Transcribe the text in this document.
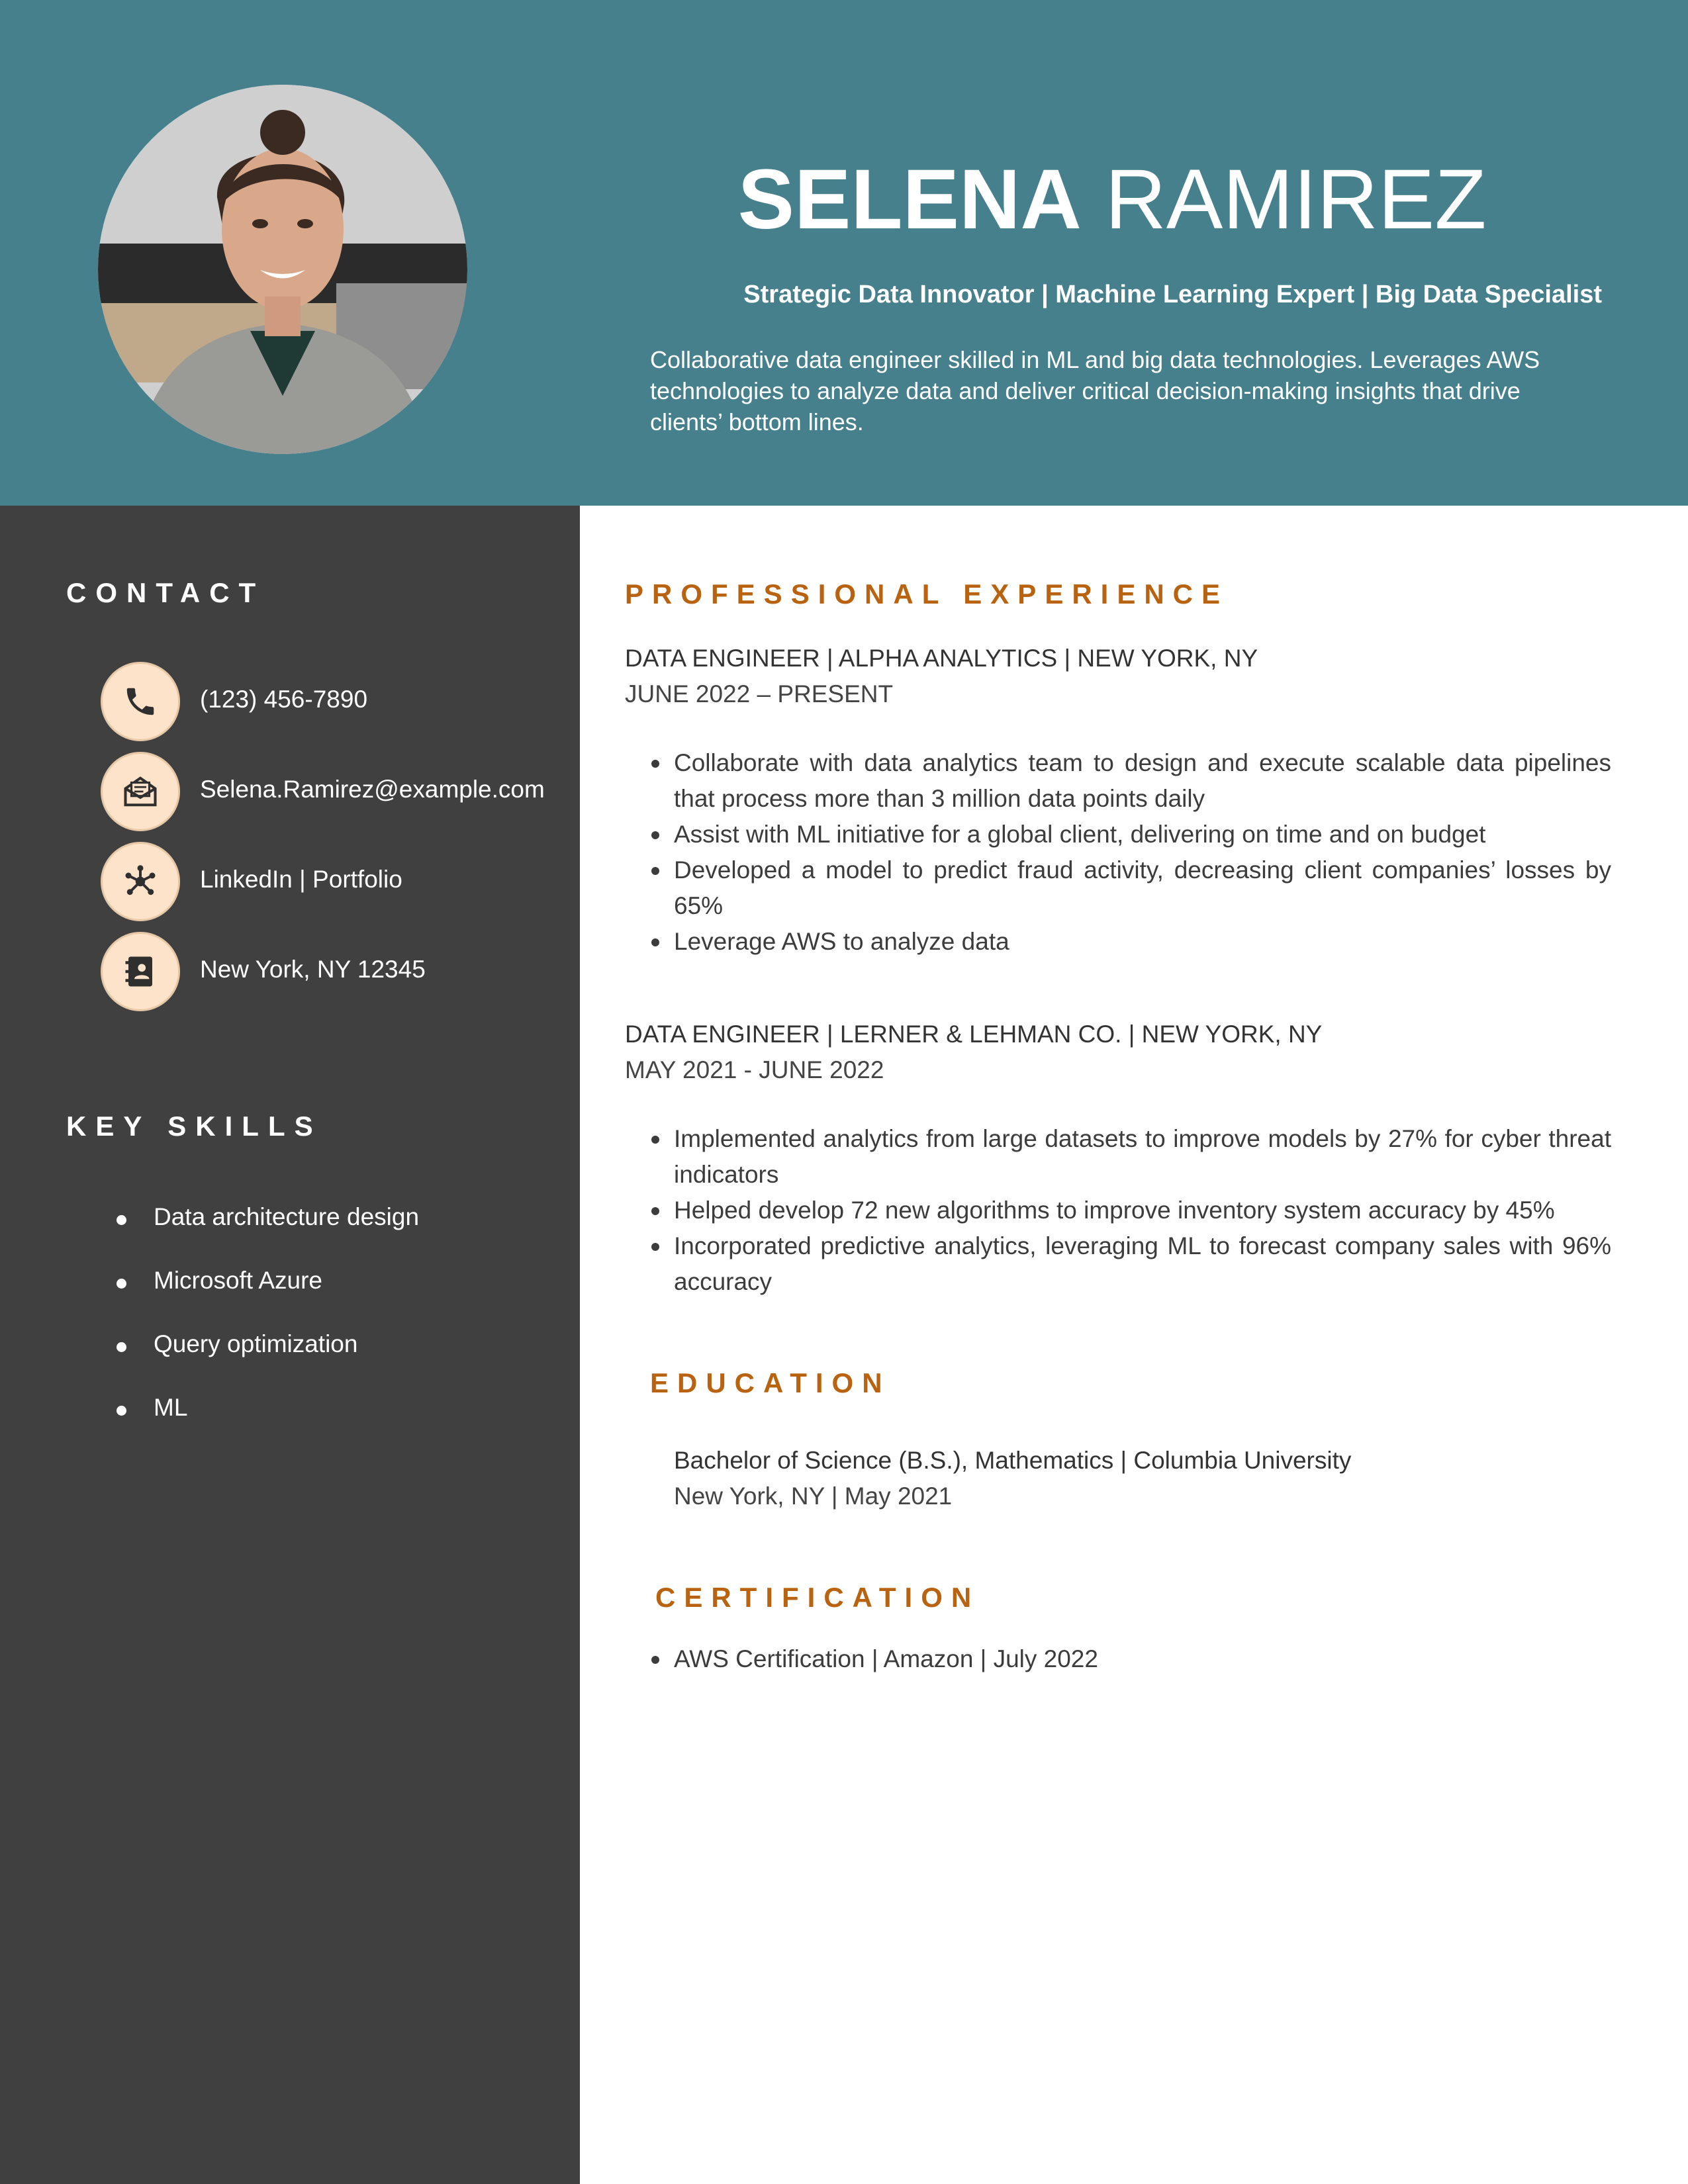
SELENA RAMIREZ
Strategic Data Innovator | Machine Learning Expert | Big Data Specialist
Collaborative data engineer skilled in ML and big data technologies. Leverages AWS technologies to analyze data and deliver critical decision-making insights that drive clients’ bottom lines.
CONTACT
(123) 456-7890
Selena.Ramirez@example.com
LinkedIn | Portfolio
New York, NY 12345
KEY SKILLS
Data architecture design
Microsoft Azure
Query optimization
ML
PROFESSIONAL EXPERIENCE
DATA ENGINEER | ALPHA ANALYTICS | NEW YORK, NY
JUNE 2022 – PRESENT
Collaborate with data analytics team to design and execute scalable data pipelines that process more than 3 million data points daily
Assist with ML initiative for a global client, delivering on time and on budget
Developed a model to predict fraud activity, decreasing client companies’ losses by 65%
Leverage AWS to analyze data
DATA ENGINEER | LERNER & LEHMAN CO. | NEW YORK, NY
MAY 2021 - JUNE 2022
Implemented analytics from large datasets to improve models by 27% for cyber threat indicators
Helped develop 72 new algorithms to improve inventory system accuracy by 45%
Incorporated predictive analytics, leveraging ML to forecast company sales with 96% accuracy
EDUCATION
Bachelor of Science (B.S.), Mathematics | Columbia University
New York, NY | May 2021
CERTIFICATION
AWS Certification | Amazon | July 2022
